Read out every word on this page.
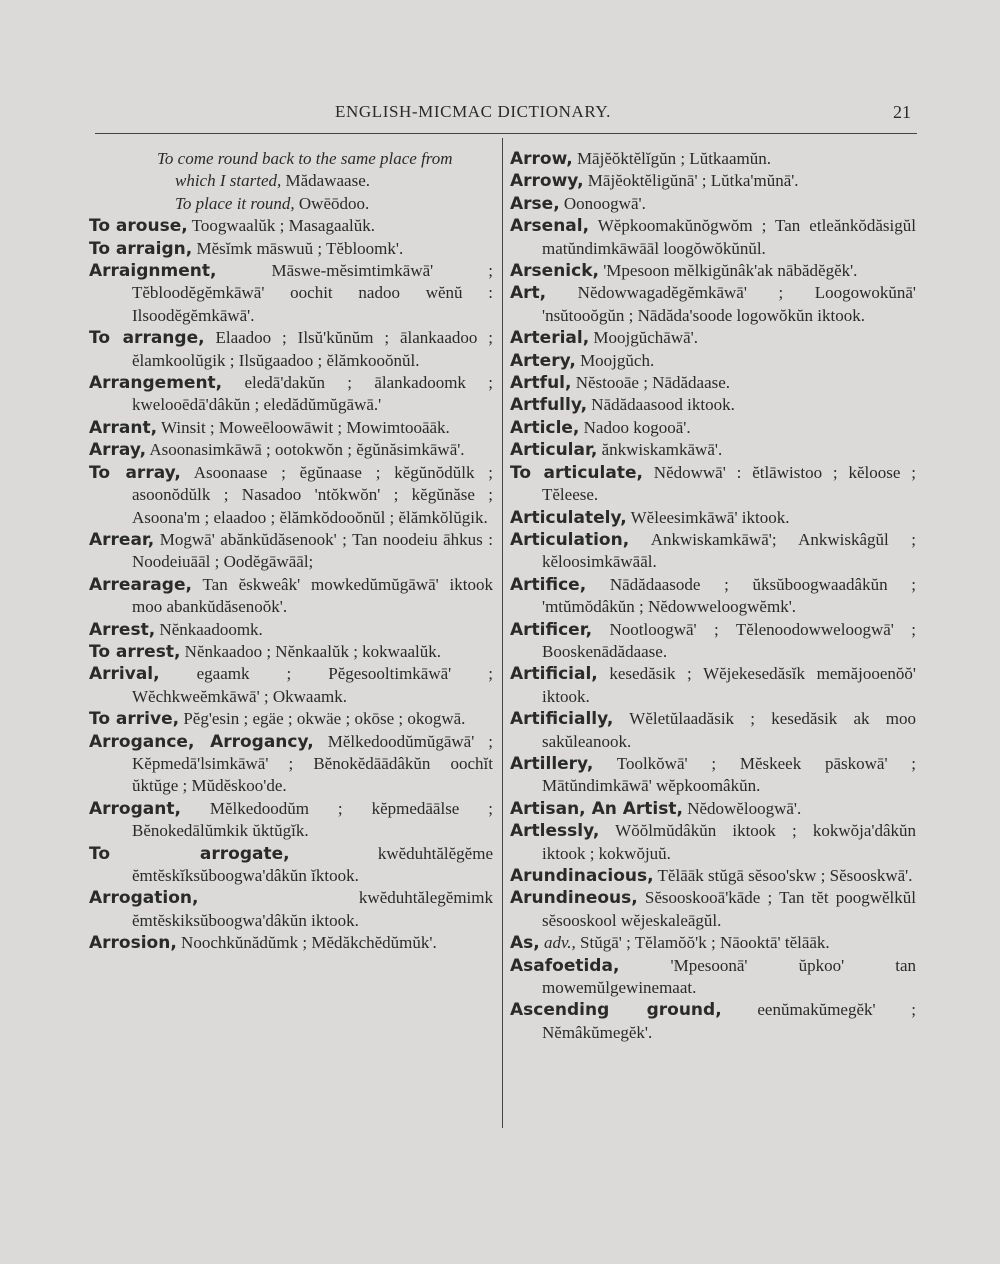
ENGLISH-MICMAC DICTIONARY.	21

To come round back to the same place from

which I started, Mădawaase.

To place it round, Owēōdoo.

To arouse, Toogwaalŭk ; Masagaalŭk.

To arraign, Mĕsĭmk māswuŭ ; Tĕbloomk'.

Arraignment, Māswe-mĕsimtimkāwā' ; Tĕbloodĕgĕmkāwā' oochit nadoo wĕnŭ : Ilsoodĕgĕmkāwā'.

To arrange, Elaadoo ; Ilsŭ'kŭnŭm ; ālankaadoo ; ĕlamkoolŭgik ; Ilsŭgaadoo ; ĕlămkooŏnŭl.

Arrangement, eledā'dakŭn ; ālankadoomk ; kwelooēdā'dâkŭn ; eledădŭmŭgāwā.'

Arrant, Winsit ; Moweēloowāwit ; Mowimtooāāk.

Array, Asoonasimkāwā ; ootokwŏn ; ĕgŭnăsimkāwā'.

To array, Asoonaase ; ĕgŭnaase ; kĕgŭnŏdŭlk ; asoonŏdŭlk ; Nasadoo 'ntŏkwŏn' ; kĕgŭnăse ; Asoona'm ; elaadoo ; ĕlămkŏdooŏnŭl ; ĕlămkŏlŭgik.

Arrear, Mogwā' abănkŭdăsenook' ; Tan noodeiu āhkus : Noodeiuāāl ; Oodĕgāwāāl;

Arrearage, Tan ĕskweâk' mowkedŭmŭgāwā' iktook moo abankŭdăsenoŏk'.

Arrest, Nĕnkaadoomk.

To arrest, Nĕnkaadoo ; Nĕnkaalŭk ; kokwaalŭk.

Arrival, egaamk ; Pĕgesooltimkāwā' ; Wĕchkweĕmkāwā' ; Okwaamk.

To arrive, Pĕg'esin ; egäe ; okwäe ; okōse ; okogwā.

Arrogance, Arrogancy, Mĕlkedoodŭmŭgāwā' ; Kĕpmedā'lsimkāwā' ; Bĕnokĕdāādâkŭn oochĭt ŭktŭge ; Mŭdĕskoo'de.

Arrogant, Mĕlkedoodŭm ; kĕpmedāālse ; Bĕnokedālŭmkik ŭktŭgĭk.

To arrogate, kwĕduhtălĕgĕme ĕmtĕskĭksŭboogwa'dâkŭn ĭktook.

Arrogation, kwĕduhtălegĕmimk ĕmtĕskiksŭboogwa'dâkŭn iktook.

Arrosion, Noochkŭnădŭmk ; Mĕdăkchĕdŭmŭk'.

Arrow, Mājĕŏktĕlĭgŭn ; Lŭtkaamŭn.

Arrowy, Mājĕoktĕligŭnā' ; Lŭtka'mŭnā'.

Arse, Oonoogwā'.

Arsenal, Wĕpkoomakŭnŏgwŏm ; Tan etleănkŏdăsigŭl matŭndimkāwāāl loogŏwŏkŭnŭl.

Arsenick, 'Mpesoon mĕlkigŭnâk'ak nābădĕgĕk'.

Art, Nĕdowwagadĕgĕmkāwā' ; Loogowokŭnā' 'nsŭtooŏgŭn ; Nādăda'soode logowŏkŭn iktook.

Arterial, Moojgŭchāwā'.

Artery, Moojgŭch.

Artful, Nĕstooāe ; Nādădaase.

Artfully, Nādădaasood iktook.

Article, Nadoo kogooā'.

Articular, ănkwiskamkāwā'.

To articulate, Nĕdowwā' : ĕtlāwistoo ; kĕloose ; Tĕleese.

Articulately, Wĕleesimkāwā' iktook.

Articulation, Ankwiskamkāwā'; Ankwiskâgŭl ; kĕloosimkāwāāl.

Artifice, Nādădaasode ; ŭksŭboogwaadâkŭn ; 'mtŭmŏdâkŭn ; Nĕdowweloogwĕmk'.

Artificer, Nootloogwā' ; Tĕlenoodowweloogwā' ; Booskenādădaase.

Artificial, kesedăsik ; Wĕjekesedăsĭk memăjooenŏŏ' iktook.

Artificially, Wĕletŭlaadăsik ; kesedăsik ak moo sakŭleanook.

Artillery, Toolkŏwā' ; Mĕskeek pāskowā' ; Mātŭndimkāwā' wĕpkoomâkŭn.

Artisan, An Artist, Nĕdowĕloogwā'.

Artlessly, Wŏŏlmŭdâkŭn iktook ; kokwŏja'dâkŭn iktook ; kokwŏjuŭ.

Arundinacious, Tĕlāāk stŭgā sĕsoo'skw ; Sĕsooskwā'.

Arundineous, Sĕsooskooā'kāde ; Tan tĕt poogwĕlkŭl sĕsooskool wĕjeskaleāgŭl.

As, adv., Stŭgā' ; Tĕlamŏŏ'k ; Nāooktā' tĕlāāk.

Asafoetida, 'Mpesoonā' ŭpkoo' tan mowemŭlgewinemaat.

Ascending ground, eenŭmakŭmegĕk' ; Nĕmâkŭmegĕk'.
